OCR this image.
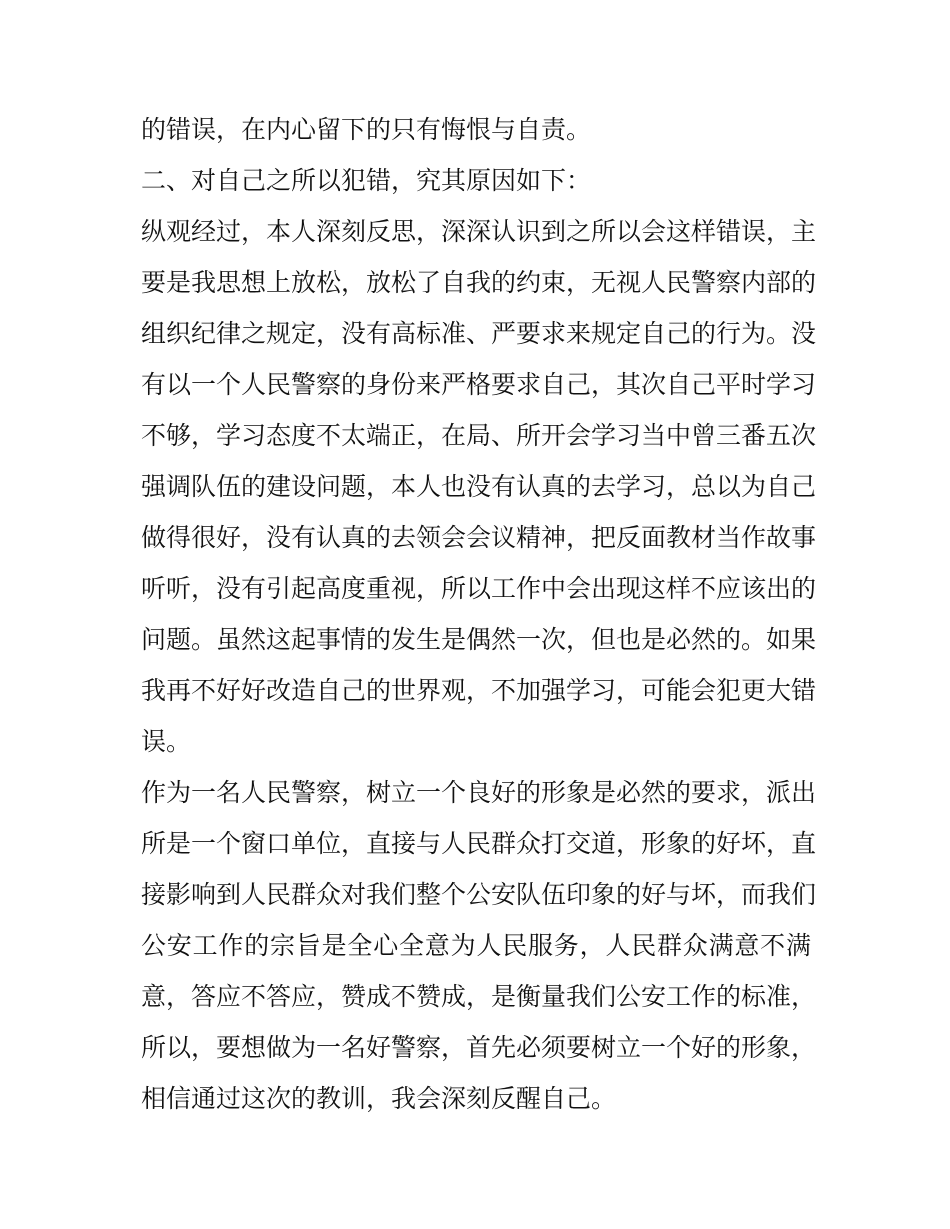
的错误，在内心留下的只有悔恨与自责。
二、对自己之所以犯错，究其原因如下：
纵观经过，本人深刻反思，深深认识到之所以会这样错误，主
要是我思想上放松，放松了自我的约束，无视人民警察内部的
组织纪律之规定，没有高标准、严要求来规定自己的行为。没
有以一个人民警察的身份来严格要求自己，其次自己平时学习
不够，学习态度不太端正，在局、所开会学习当中曾三番五次
强调队伍的建设问题，本人也没有认真的去学习，总以为自己
做得很好，没有认真的去领会会议精神，把反面教材当作故事
听听，没有引起高度重视，所以工作中会出现这样不应该出的
问题。虽然这起事情的发生是偶然一次，但也是必然的。如果
我再不好好改造自己的世界观，不加强学习，可能会犯更大错
误。
作为一名人民警察，树立一个良好的形象是必然的要求，派出
所是一个窗口单位，直接与人民群众打交道，形象的好坏，直
接影响到人民群众对我们整个公安队伍印象的好与坏，而我们
公安工作的宗旨是全心全意为人民服务，人民群众满意不满
意，答应不答应，赞成不赞成，是衡量我们公安工作的标准，
所以，要想做为一名好警察，首先必须要树立一个好的形象，
相信通过这次的教训，我会深刻反醒自己。
